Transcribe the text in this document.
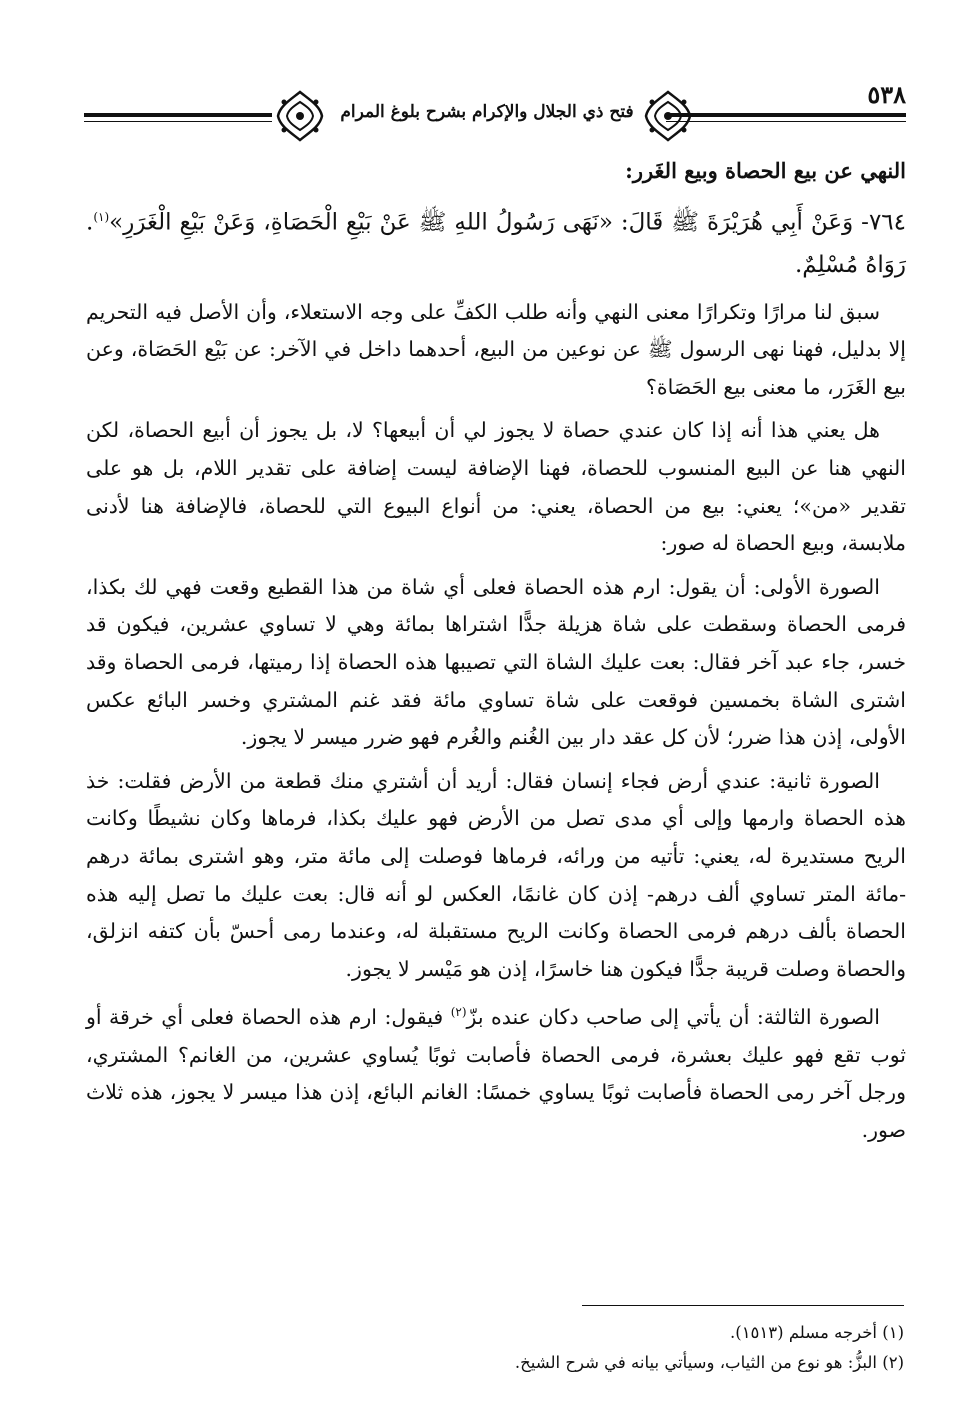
٥٣٨
فتح ذي الجلال والإكرام بشرح بلوغ المرام
النهي عن بيع الحصاة وبيع الغَرر:

٧٦٤- وَعَنْ أَبِي هُرَيْرَةَ ﷺ قَالَ: «نَهَى رَسُولُ اللهِ ﷺ عَنْ بَيْعِ الْحَصَاةِ، وَعَنْ بَيْعِ الْغَرَرِ»$^{(١)}$. رَوَاهُ مُسْلِمٌ.

سبق لنا مرارًا وتكرارًا معنى النهي وأنه طلب الكفِّ على وجه الاستعلاء، وأن الأصل فيه التحريم إلا بدليل، فهنا نهى الرسول ﷺ عن نوعين من البيع، أحدهما داخل في الآخر: عن بَيْع الحَصَاة، وعن بيع الغَرَر، ما معنى بيع الحَصَاة؟

هل يعني هذا أنه إذا كان عندي حصاة لا يجوز لي أن أبيعها؟ لا، بل يجوز أن أبيع الحصاة، لكن النهي هنا عن البيع المنسوب للحصاة، فهنا الإضافة ليست إضافة على تقدير اللام، بل هو على تقدير «من»؛ يعني: بيع من الحصاة، يعني: من أنواع البيوع التي للحصاة، فالإضافة هنا لأدنى ملابسة، وبيع الحصاة له صور:

الصورة الأولى: أن يقول: ارم هذه الحصاة فعلى أي شاة من هذا القطيع وقعت فهي لك بكذا، فرمى الحصاة وسقطت على شاة هزيلة جدًّا اشتراها بمائة وهي لا تساوي عشرين، فيكون قد خسر، جاء عبد آخر فقال: بعت عليك الشاة التي تصيبها هذه الحصاة إذا رميتها، فرمى الحصاة وقد اشترى الشاة بخمسين فوقعت على شاة تساوي مائة فقد غنم المشتري وخسر البائع عكس الأولى، إذن هذا ضرر؛ لأن كل عقد دار بين الغُنم والغُرم فهو ضرر ميسر لا يجوز.

الصورة ثانية: عندي أرض فجاء إنسان فقال: أريد أن أشتري منك قطعة من الأرض فقلت: خذ هذه الحصاة وارمها وإلى أي مدى تصل من الأرض فهو عليك بكذا، فرماها وكان نشيطًا وكانت الريح مستديرة له، يعني: تأتيه من ورائه، فرماها فوصلت إلى مائة متر، وهو اشترى بمائة درهم -مائة المتر تساوي ألف درهم- إذن كان غانمًا، العكس لو أنه قال: بعت عليك ما تصل إليه هذه الحصاة بألف درهم فرمى الحصاة وكانت الريح مستقبلة له، وعندما رمى أحسّ بأن كتفه انزلق، والحصاة وصلت قريبة جدًّا فيكون هنا خاسرًا، إذن هو مَيْسر لا يجوز.

الصورة الثالثة: أن يأتي إلى صاحب دكان عنده بزّ$^{(٢)}$ فيقول: ارم هذه الحصاة فعلى أي خرقة أو ثوب تقع فهو عليك بعشرة، فرمى الحصاة فأصابت ثوبًا يُساوي عشرين، من الغانم؟ المشتري، ورجل آخر رمى الحصاة فأصابت ثوبًا يساوي خمسًا: الغانم البائع، إذن هذا ميسر لا يجوز، هذه ثلاث صور.

(١) أخرجه مسلم (١٥١٣).

(٢) البزُّ: هو نوع من الثياب، وسيأتي بيانه في شرح الشيخ.
